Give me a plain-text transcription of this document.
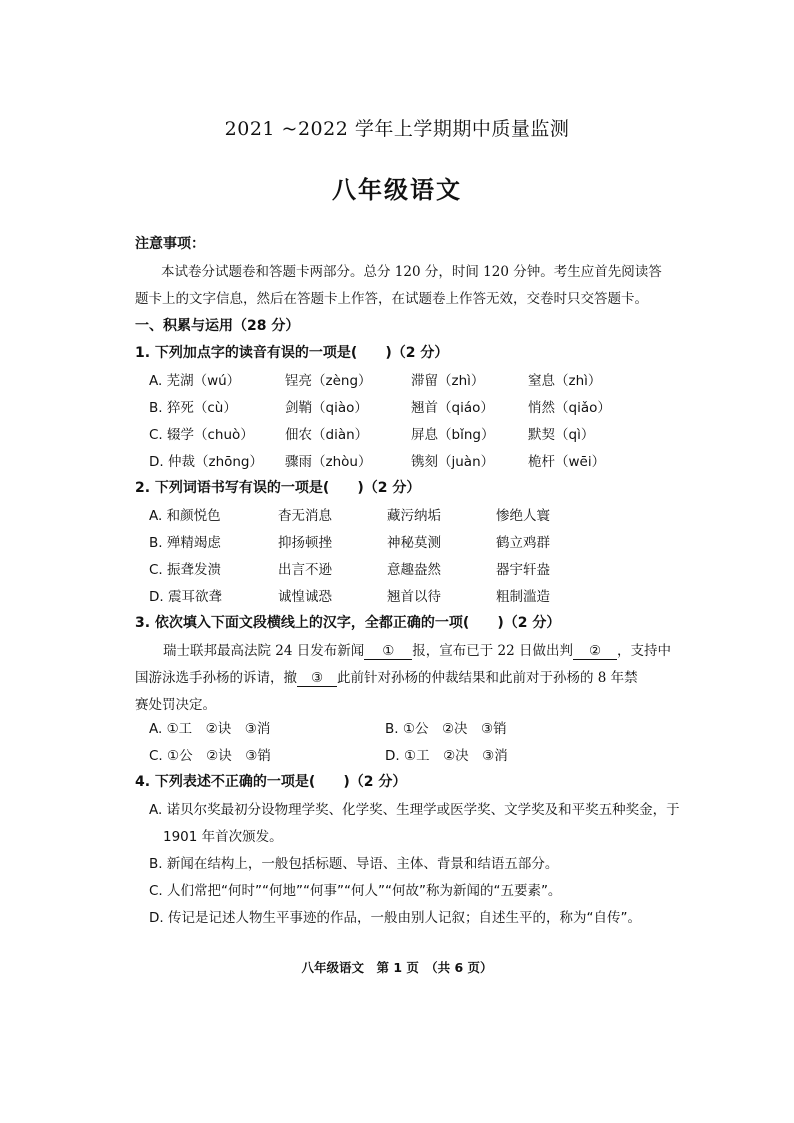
2021 ~2022 学年上学期期中质量监测
八年级语文
注意事项：
本试卷分试题卷和答题卡两部分。总分 120 分，时间 120 分钟。考生应首先阅读答
题卡上的文字信息，然后在答题卡上作答，在试题卷上作答无效，交卷时只交答题卡。
一、积累与运用（28 分）
1. 下列加点字的读音有误的一项是(　　)（2 分）
A. 芜湖（wú）	锃亮（zèng）	滞留（zhì）	窒息（zhì）
B. 猝死（cù）	剑鞘（qiào）	翘首（qiáo）	悄然（qiǎo）
C. 辍学（chuò） 佃农（diàn）	屏息（bǐng） 默契（qì）
D. 仲裁（zhōng） 骤雨（zhòu）	镌刻（juàn）	桅杆（wēi）
2. 下列词语书写有误的一项是(　　)（2 分）
A. 和颜悦色	杳无消息	藏污纳垢	惨绝人寰
B. 殚精竭虑	抑扬顿挫	神秘莫测	鹤立鸡群
C. 振聋发溃	出言不逊	意趣盎然	器宇轩盎
D. 震耳欲聋	诚惶诚恐	翘首以待	粗制滥造
3. 依次填入下面文段横线上的汉字，全都正确的一项(　　)（2 分）
瑞士联邦最高法院 24 日发布新闻 ① 报，宣布已于 22 日做出判 ② ，支持中
国游泳选手孙杨的诉请，撤 ③ 此前针对孙杨的仲裁结果和此前对于孙杨的 8 年禁
赛处罚决定。
A. ①工　②诀　③消	B. ①公　②决　③销
C. ①公　②诀　③销	D. ①工　②决　③消
4. 下列表述不正确的一项是(　　)（2 分）
A. 诺贝尔奖最初分设物理学奖、化学奖、生理学或医学奖、文学奖及和平奖五种奖金，于
1901 年首次颁发。
B. 新闻在结构上，一般包括标题、导语、主体、背景和结语五部分。
C. 人们常把“何时”“何地”“何事”“何人”“何故”称为新闻的“五要素”。
D. 传记是记述人物生平事迹的作品，一般由别人记叙；自述生平的，称为“自传”。
八年级语文　第 1 页　（共 6 页）
